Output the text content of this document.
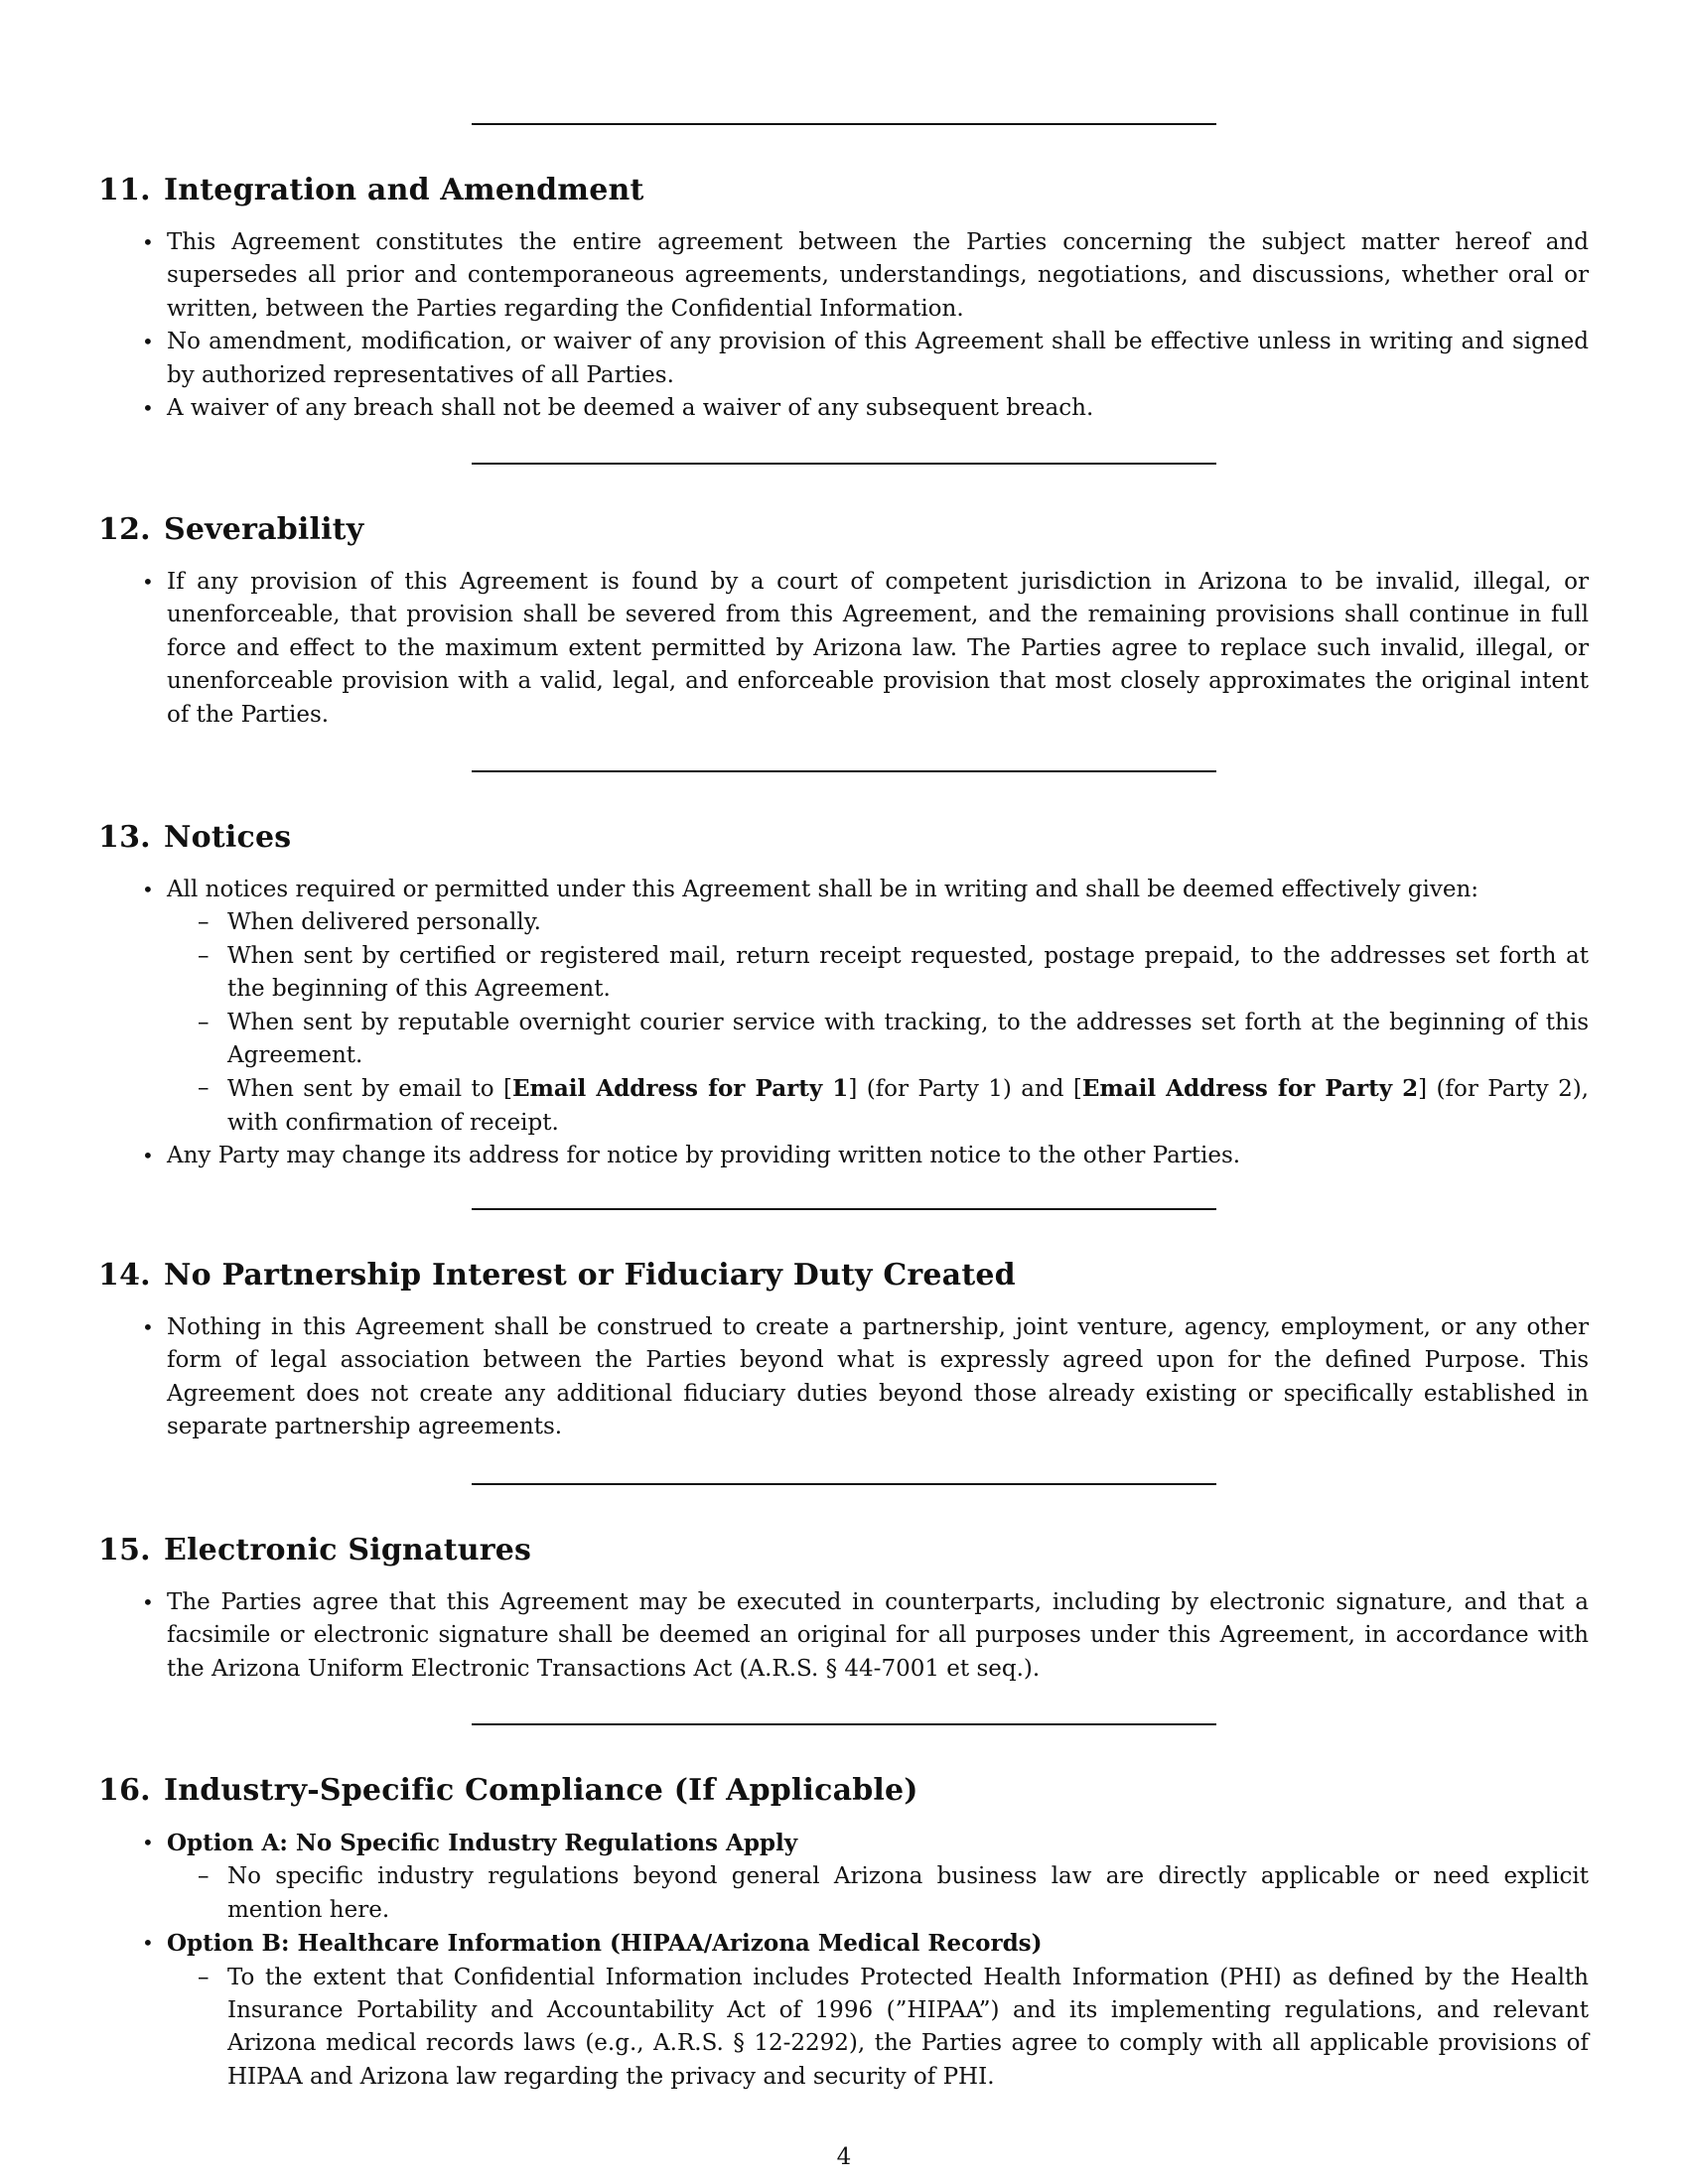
11. Integration and Amendment
• This Agreement constitutes the entire agreement between the Parties concerning the subject matter hereof and supersedes all prior and contemporaneous agreements, understandings, negotiations, and discussions, whether oral or written, between the Parties regarding the Confidential Information.
• No amendment, modification, or waiver of any provision of this Agreement shall be effective unless in writing and signed by authorized representatives of all Parties.
• A waiver of any breach shall not be deemed a waiver of any subsequent breach.
12. Severability
• If any provision of this Agreement is found by a court of competent jurisdiction in Arizona to be invalid, illegal, or unenforceable, that provision shall be severed from this Agreement, and the remaining provisions shall continue in full force and effect to the maximum extent permitted by Arizona law. The Parties agree to replace such invalid, illegal, or unenforceable provision with a valid, legal, and enforceable provision that most closely approximates the original intent of the Parties.
13. Notices
• All notices required or permitted under this Agreement shall be in writing and shall be deemed effectively given:
– When delivered personally.
– When sent by certified or registered mail, return receipt requested, postage prepaid, to the addresses set forth at the beginning of this Agreement.
– When sent by reputable overnight courier service with tracking, to the addresses set forth at the beginning of this Agreement.
– When sent by email to [Email Address for Party 1] (for Party 1) and [Email Address for Party 2] (for Party 2), with confirmation of receipt.
• Any Party may change its address for notice by providing written notice to the other Parties.
14. No Partnership Interest or Fiduciary Duty Created
• Nothing in this Agreement shall be construed to create a partnership, joint venture, agency, employment, or any other form of legal association between the Parties beyond what is expressly agreed upon for the defined Purpose. This Agreement does not create any additional fiduciary duties beyond those already existing or specifically established in separate partnership agreements.
15. Electronic Signatures
• The Parties agree that this Agreement may be executed in counterparts, including by electronic signature, and that a facsimile or electronic signature shall be deemed an original for all purposes under this Agreement, in accordance with the Arizona Uniform Electronic Transactions Act (A.R.S. § 44-7001 et seq.).
16. Industry-Specific Compliance (If Applicable)
• Option A: No Specific Industry Regulations Apply
– No specific industry regulations beyond general Arizona business law are directly applicable or need explicit mention here.
• Option B: Healthcare Information (HIPAA/Arizona Medical Records)
– To the extent that Confidential Information includes Protected Health Information (PHI) as defined by the Health Insurance Portability and Accountability Act of 1996 (”HIPAA”) and its implementing regulations, and relevant Arizona medical records laws (e.g., A.R.S. § 12-2292), the Parties agree to comply with all applicable provisions of HIPAA and Arizona law regarding the privacy and security of PHI.
4
